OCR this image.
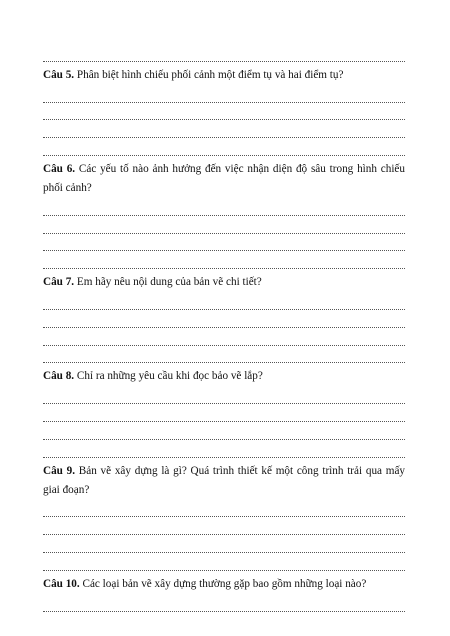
Câu 5. Phân biệt hình chiếu phối cảnh một điểm tụ và hai điểm tụ?
Câu 6. Các yếu tố nào ảnh hưởng đến việc nhận diện độ sâu trong hình chiếu phối cảnh?
Câu 7. Em hãy nêu nội dung của bản vẽ chi tiết?
Câu 8. Chỉ ra những yêu cầu khi đọc bảo vẽ lắp?
Câu 9. Bản vẽ xây dựng là gì? Quá trình thiết kế một công trình trải qua mấy giai đoạn?
Câu 10. Các loại bản vẽ xây dựng thường gặp bao gồm những loại nào?
